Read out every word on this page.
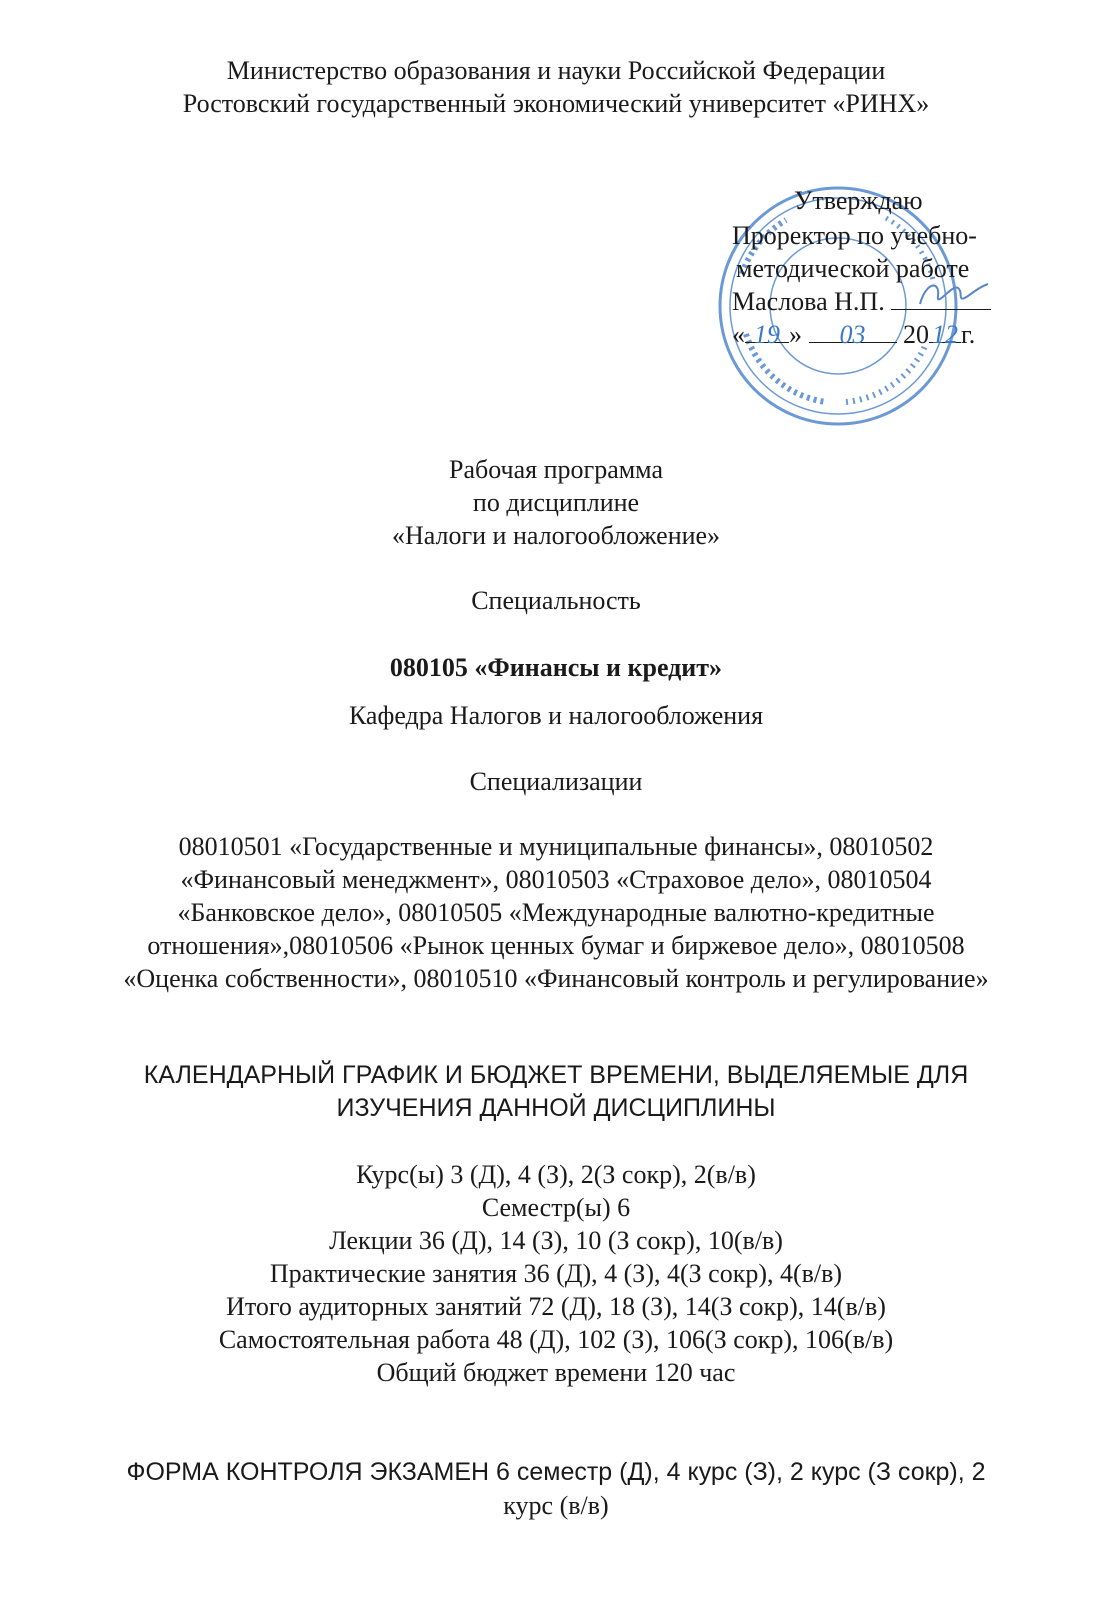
Министерство образования и науки Российской Федерации
Ростовский государственный экономический университет «РИНХ»
Утверждаю
Проректор по учебно-
методической работе
Маслова Н.П.
« 19 » 03 20 12 г.
Рабочая программа
по дисциплине
«Налоги и налогообложение»
Специальность
080105 «Финансы и кредит»
Кафедра Налогов и налогообложения
Специализации
08010501 «Государственные и муниципальные финансы», 08010502
«Финансовый менеджмент», 08010503 «Страховое дело», 08010504
«Банковское дело», 08010505 «Международные валютно-кредитные
отношения»,08010506 «Рынок ценных бумаг и биржевое дело», 08010508
«Оценка собственности», 08010510 «Финансовый контроль и регулирование»
КАЛЕНДАРНЫЙ ГРАФИК И БЮДЖЕТ ВРЕМЕНИ, ВЫДЕЛЯЕМЫЕ ДЛЯ
ИЗУЧЕНИЯ ДАННОЙ ДИСЦИПЛИНЫ
Курс(ы) 3 (Д), 4 (З), 2(З сокр), 2(в/в)
Семестр(ы) 6
Лекции 36 (Д), 14 (З), 10 (З сокр), 10(в/в)
Практические занятия 36 (Д), 4 (З), 4(З сокр), 4(в/в)
Итого аудиторных занятий 72 (Д), 18 (З), 14(З сокр), 14(в/в)
Самостоятельная работа 48 (Д), 102 (З), 106(З сокр), 106(в/в)
Общий бюджет времени 120 час
ФОРМА КОНТРОЛЯ ЭКЗАМЕН 6 семестр (Д), 4 курс (З), 2 курс (З сокр), 2
курс (в/в)
